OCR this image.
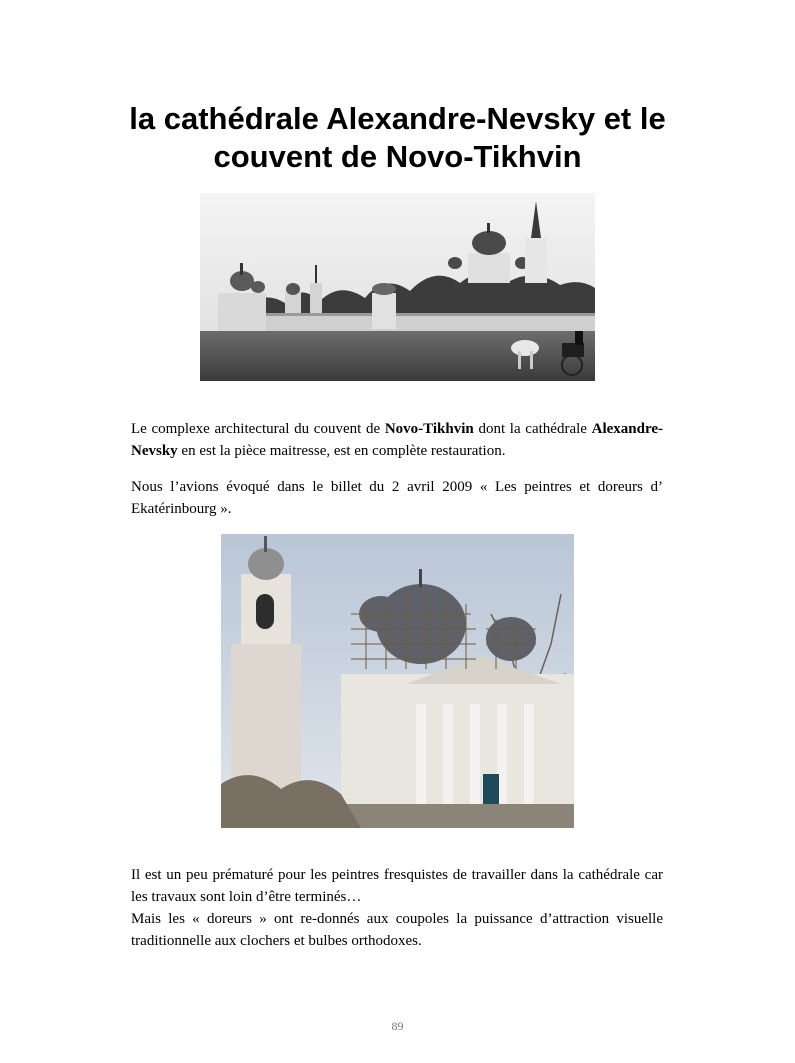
la cathédrale Alexandre-Nevsky et le
couvent de Novo-Tikhvin

Le complexe architectural du couvent de Novo-Tikhvin dont la cathédrale Alexandre-Nevsky en est la pièce maitresse, est en complète restauration.

Nous l’avions évoqué dans le billet du 2 avril 2009 « Les peintres et doreurs d’ Ekatérinbourg ».

Il est un peu prématuré pour les peintres fresquistes de travailler dans la cathédrale car les travaux sont loin d’être terminés…

Mais les « doreurs » ont re-donnés aux coupoles la puissance d’attraction visuelle traditionnelle aux clochers et bulbes orthodoxes.

89
